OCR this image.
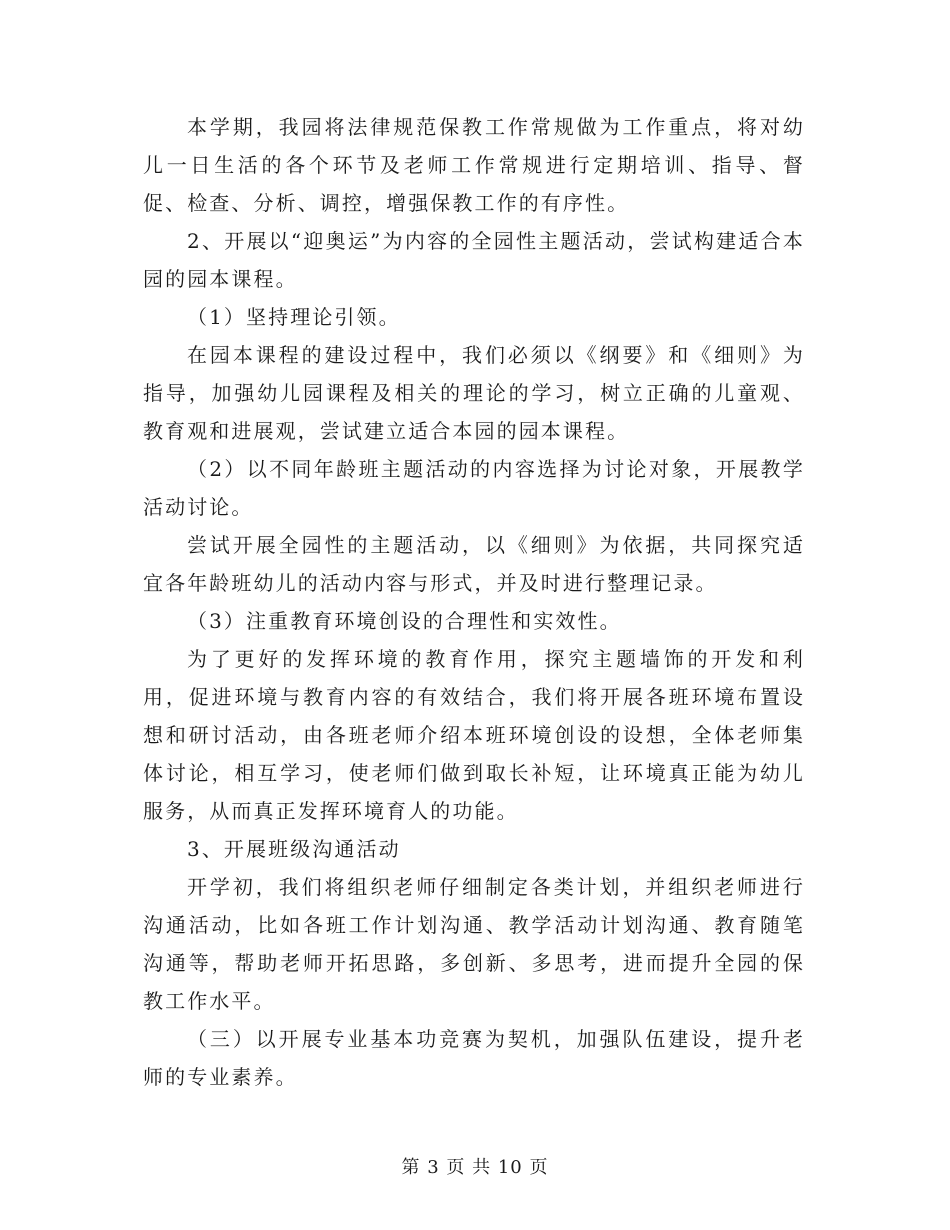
本学期，我园将法律规范保教工作常规做为工作重点，将对幼儿一日生活的各个环节及老师工作常规进行定期培训、指导、督促、检查、分析、调控，增强保教工作的有序性。

2、开展以“迎奥运”为内容的全园性主题活动，尝试构建适合本园的园本课程。

（1）坚持理论引领。

在园本课程的建设过程中，我们必须以《纲要》和《细则》为指导，加强幼儿园课程及相关的理论的学习，树立正确的儿童观、教育观和进展观，尝试建立适合本园的园本课程。

（2）以不同年龄班主题活动的内容选择为讨论对象，开展教学活动讨论。

尝试开展全园性的主题活动，以《细则》为依据，共同探究适宜各年龄班幼儿的活动内容与形式，并及时进行整理记录。

（3）注重教育环境创设的合理性和实效性。

为了更好的发挥环境的教育作用，探究主题墙饰的开发和利用，促进环境与教育内容的有效结合，我们将开展各班环境布置设想和研讨活动，由各班老师介绍本班环境创设的设想，全体老师集体讨论，相互学习，使老师们做到取长补短，让环境真正能为幼儿服务，从而真正发挥环境育人的功能。

3、开展班级沟通活动

开学初，我们将组织老师仔细制定各类计划，并组织老师进行沟通活动，比如各班工作计划沟通、教学活动计划沟通、教育随笔沟通等，帮助老师开拓思路，多创新、多思考，进而提升全园的保教工作水平。

（三）以开展专业基本功竞赛为契机，加强队伍建设，提升老师的专业素养。

第 3 页 共 10 页
